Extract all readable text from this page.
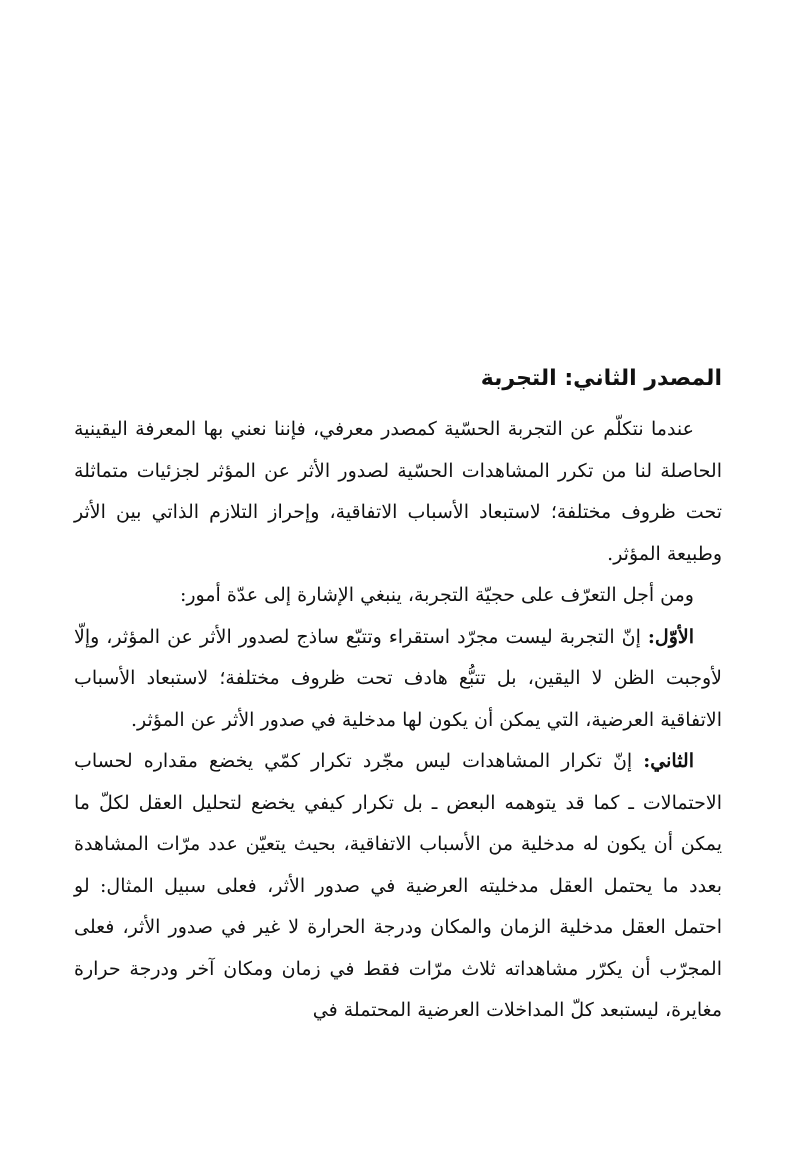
المصدر الثاني: التجربة

عندما نتكلّم عن التجربة الحسّية كمصدر معرفي، فإننا نعني بها المعرفة اليقينية الحاصلة لنا من تكرر المشاهدات الحسّية لصدور الأثر عن المؤثر لجزئيات متماثلة تحت ظروف مختلفة؛ لاستبعاد الأسباب الاتفاقية، وإحراز التلازم الذاتي بين الأثر وطبيعة المؤثر.

ومن أجل التعرّف على حجيّة التجربة، ينبغي الإشارة إلى عدّة أمور:

الأوّل: إنّ التجربة ليست مجرّد استقراء وتتبّع ساذج لصدور الأثر عن المؤثر، وإلّا لأوجبت الظن لا اليقين، بل تتبُّع هادف تحت ظروف مختلفة؛ لاستبعاد الأسباب الاتفاقية العرضية، التي يمكن أن يكون لها مدخلية في صدور الأثر عن المؤثر.

الثاني: إنّ تكرار المشاهدات ليس مجّرد تكرار كمّي يخضع مقداره لحساب الاحتمالات ـ كما قد يتوهمه البعض ـ بل تكرار كيفي يخضع لتحليل العقل لكلّ ما يمكن أن يكون له مدخلية من الأسباب الاتفاقية، بحيث يتعيّن عدد مرّات المشاهدة بعدد ما يحتمل العقل مدخليته العرضية في صدور الأثر، فعلى سبيل المثال: لو احتمل العقل مدخلية الزمان والمكان ودرجة الحرارة لا غير في صدور الأثر، فعلى المجرّب أن يكرّر مشاهداته ثلاث مرّات فقط في زمان ومكان آخر ودرجة حرارة مغايرة، ليستبعد كلّ المداخلات العرضية المحتملة في
